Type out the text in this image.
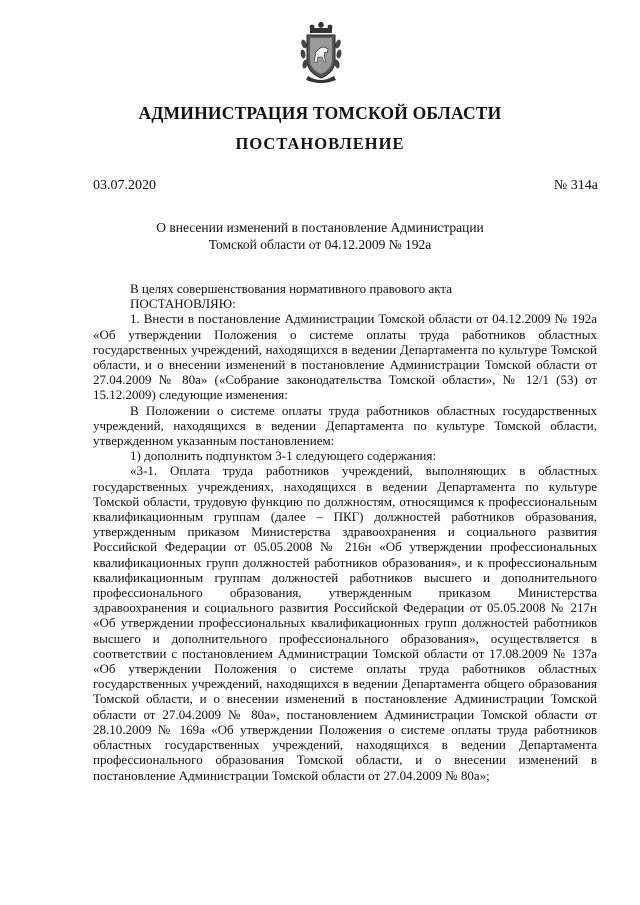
АДМИНИСТРАЦИЯ ТОМСКОЙ ОБЛАСТИ
ПОСТАНОВЛЕНИЕ
03.07.2020	№ 314а
О внесении изменений в постановление Администрации
Томской области от 04.12.2009 № 192а

В целях совершенствования нормативного правового акта

ПОСТАНОВЛЯЮ:

1. Внести в постановление Администрации Томской области от 04.12.2009 № 192а «Об утверждении Положения о системе оплаты труда работников областных государственных учреждений, находящихся в ведении Департамента по культуре Томской области, и о внесении изменений в постановление Администрации Томской области от 27.04.2009 № 80а» («Собрание законодательства Томской области», № 12/1 (53) от 15.12.2009) следующие изменения:

В Положении о системе оплаты труда работников областных государственных учреждений, находящихся в ведении Департамента по культуре Томской области, утвержденном указанным постановлением:

1) дополнить подпунктом 3-1 следующего содержания:

«3-1. Оплата труда работников учреждений, выполняющих в областных государственных учреждениях, находящихся в ведении Департамента по культуре Томской области, трудовую функцию по должностям, относящимся к профессиональным квалификационным группам (далее – ПКГ) должностей работников образования, утвержденным приказом Министерства здравоохранения и социального развития Российской Федерации от 05.05.2008 № 216н «Об утверждении профессиональных квалификационных групп должностей работников образования», и к профессиональным квалификационным группам должностей работников высшего и дополнительного профессионального образования, утвержденным приказом Министерства здравоохранения и социального развития Российской Федерации от 05.05.2008 № 217н «Об утверждении профессиональных квалификационных групп должностей работников высшего и дополнительного профессионального образования», осуществляется в соответствии с постановлением Администрации Томской области от 17.08.2009 № 137а «Об утверждении Положения о системе оплаты труда работников областных государственных учреждений, находящихся в ведении Департамента общего образования Томской области, и о внесении изменений в постановление Администрации Томской области от 27.04.2009 № 80а», постановлением Администрации Томской области от 28.10.2009 № 169а «Об утверждении Положения о системе оплаты труда работников областных государственных учреждений, находящихся в ведении Департамента профессионального образования Томской области, и о внесении изменений в постановление Администрации Томской области от 27.04.2009 № 80а»;
